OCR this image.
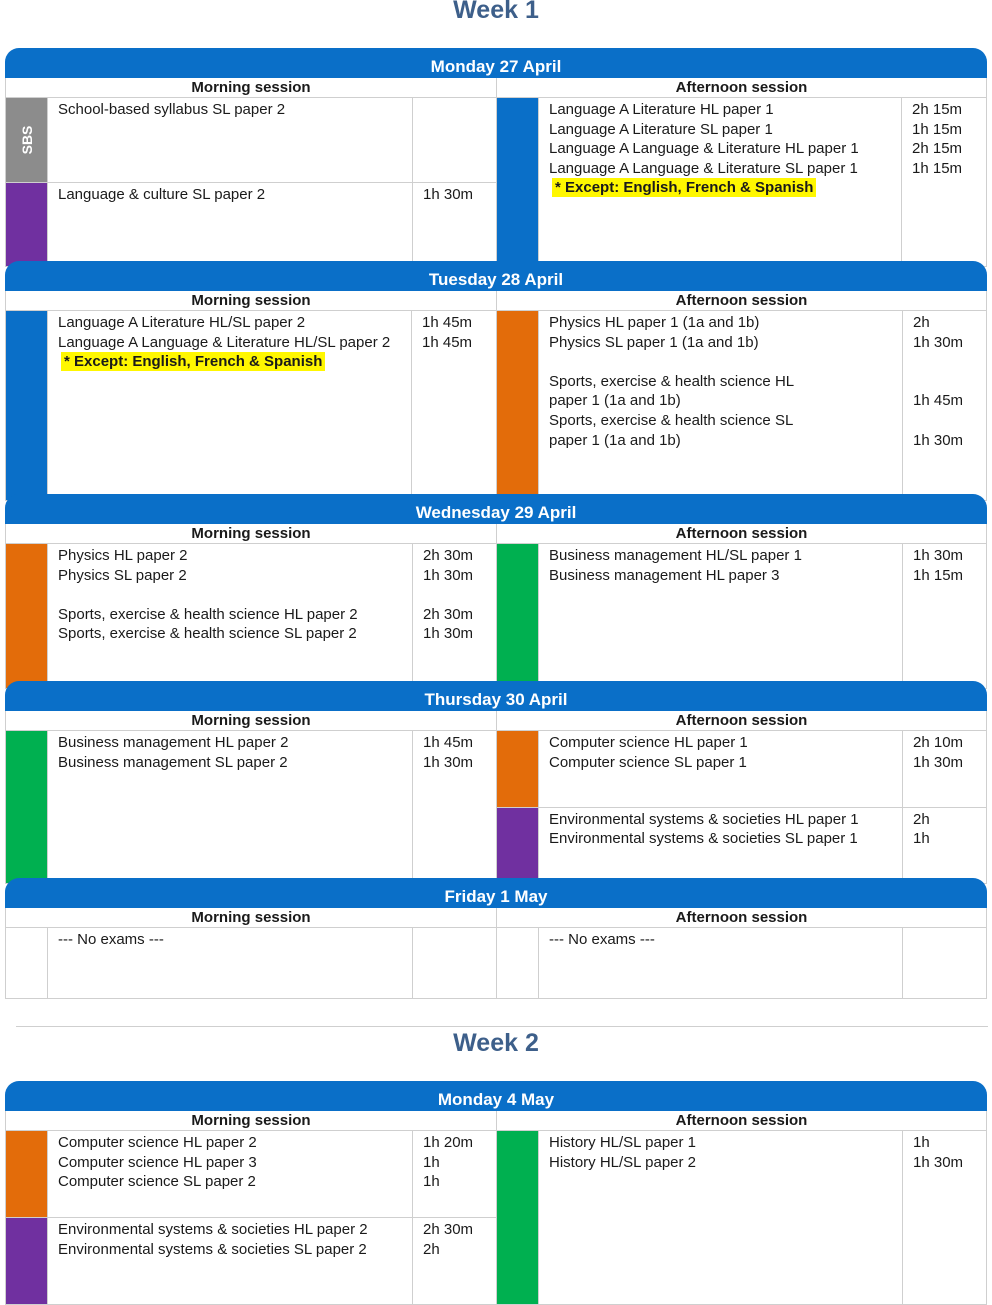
Week 1
Monday 27 April
Morning session
SBS
School-based syllabus SL paper 2
Language & culture SL paper 2	1h 30m
Afternoon session
Language A Literature HL paper 1
Language A Literature SL paper 1
Language A Language & Literature HL paper 1
Language A Language & Literature SL paper 1
2h 15m
1h 15m
2h 15m
1h 15m
* Except: English, French & Spanish
Tuesday 28 April
Morning session
Language A Literature HL/SL paper 2
Language A Language & Literature HL/SL paper 2
1h 45m
1h 45m
* Except: English, French & Spanish
Afternoon session
Physics HL paper 1 (1a and 1b)
Physics SL paper 1 (1a and 1b)

Sports, exercise & health science HL
paper 1 (1a and 1b)
Sports, exercise & health science SL
paper 1 (1a and 1b)
2h
1h 30m

1h 45m

1h 30m
Wednesday 29 April
Morning session
Physics HL paper 2
Physics SL paper 2

Sports, exercise & health science HL paper 2
Sports, exercise & health science SL paper 2
2h 30m
1h 30m

2h 30m
1h 30m
Afternoon session
Business management HL/SL paper 1
Business management HL paper 3
1h 30m
1h 15m
Thursday 30 April
Morning session
Business management HL paper 2
Business management SL paper 2
1h 45m
1h 30m
Afternoon session
Computer science HL paper 1
Computer science SL paper 1
2h 10m
1h 30m
Environmental systems & societies HL paper 1
Environmental systems & societies SL paper 1
2h
1h
Friday 1 May
Morning session
--- No exams ---
Afternoon session
--- No exams ---
Week 2
Monday 4 May
Morning session
Computer science HL paper 2
Computer science HL paper 3
Computer science SL paper 2
1h 20m
1h
1h
Environmental systems & societies HL paper 2
Environmental systems & societies SL paper 2
2h 30m
2h
Afternoon session
History HL/SL paper 1
History HL/SL paper 2
1h
1h 30m
